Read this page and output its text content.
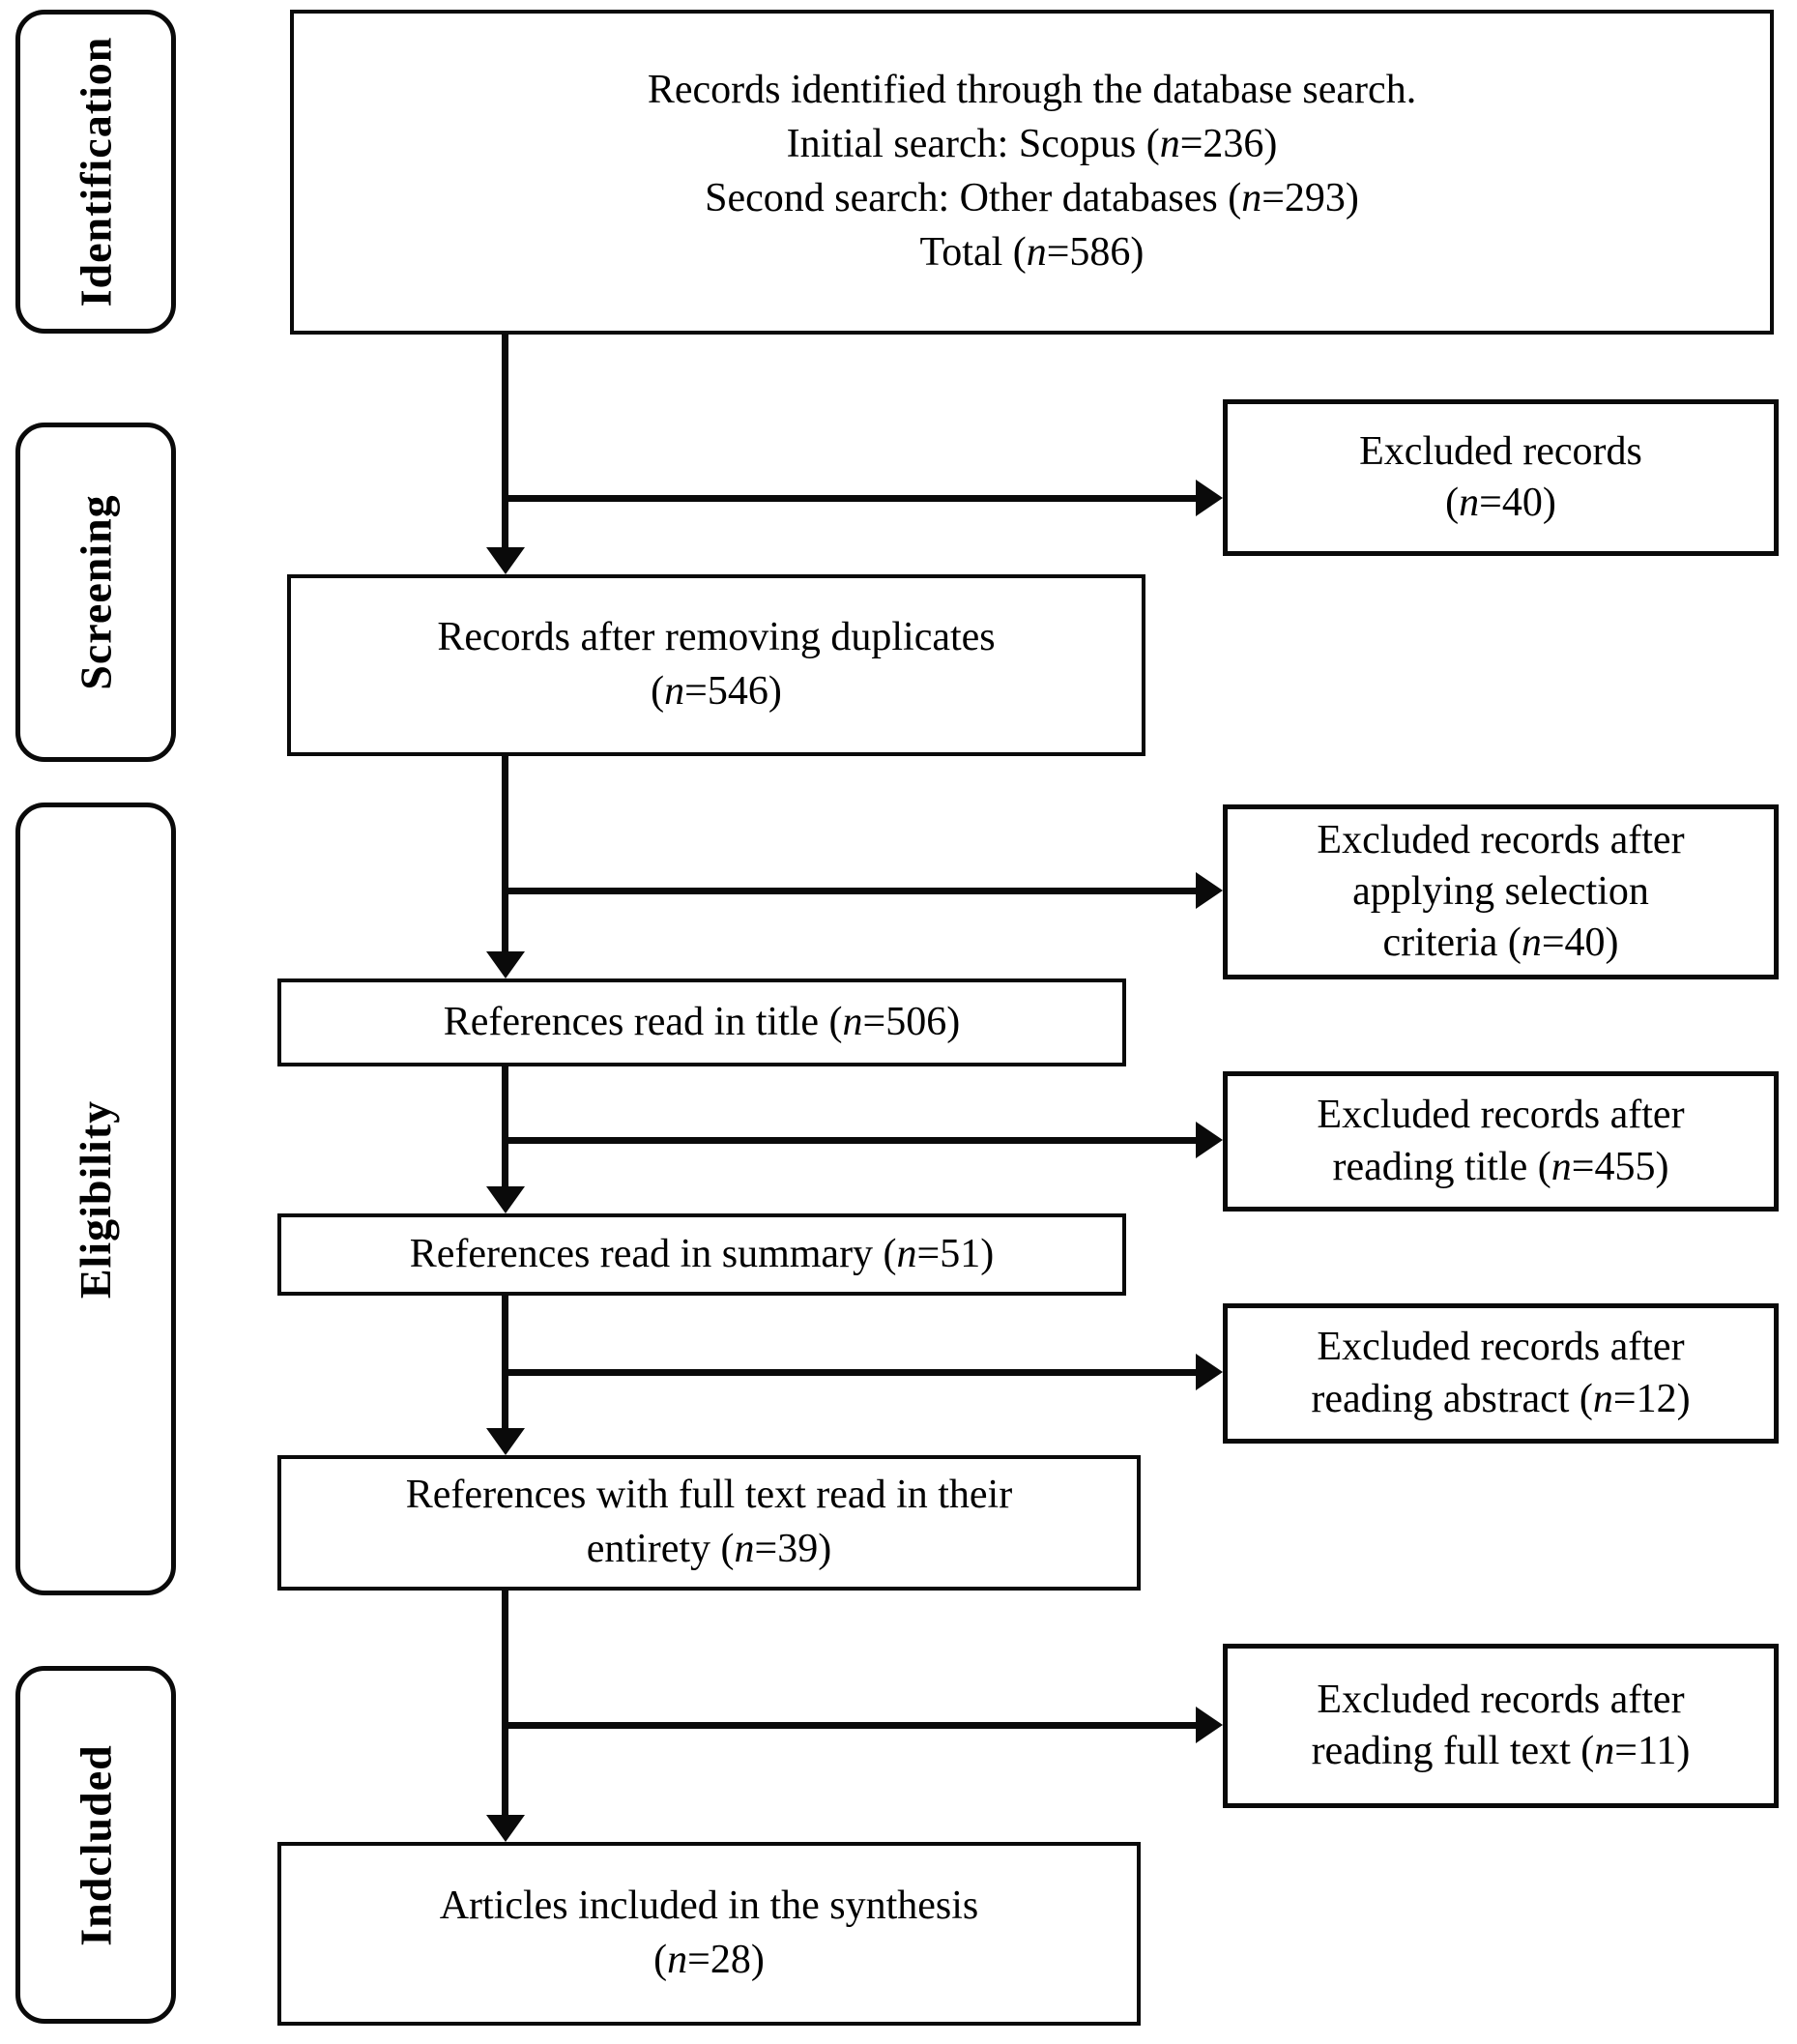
Identification
Screening
Eligibility
Indcluded
Records identified through the database search.
Initial search: Scopus (n=236)
Second search: Other databases (n=293)
Total (n=586)
Records after removing duplicates
(n=546)
References read in title (n=506)
References read in summary (n=51)
References with full text read in their
entirety (n=39)
Articles included in the synthesis
(n=28)
Excluded records
(n=40)
Excluded records after
applying selection
criteria (n=40)
Excluded records after
reading title (n=455)
Excluded records after
reading abstract (n=12)
Excluded records after
reading full text (n=11)
